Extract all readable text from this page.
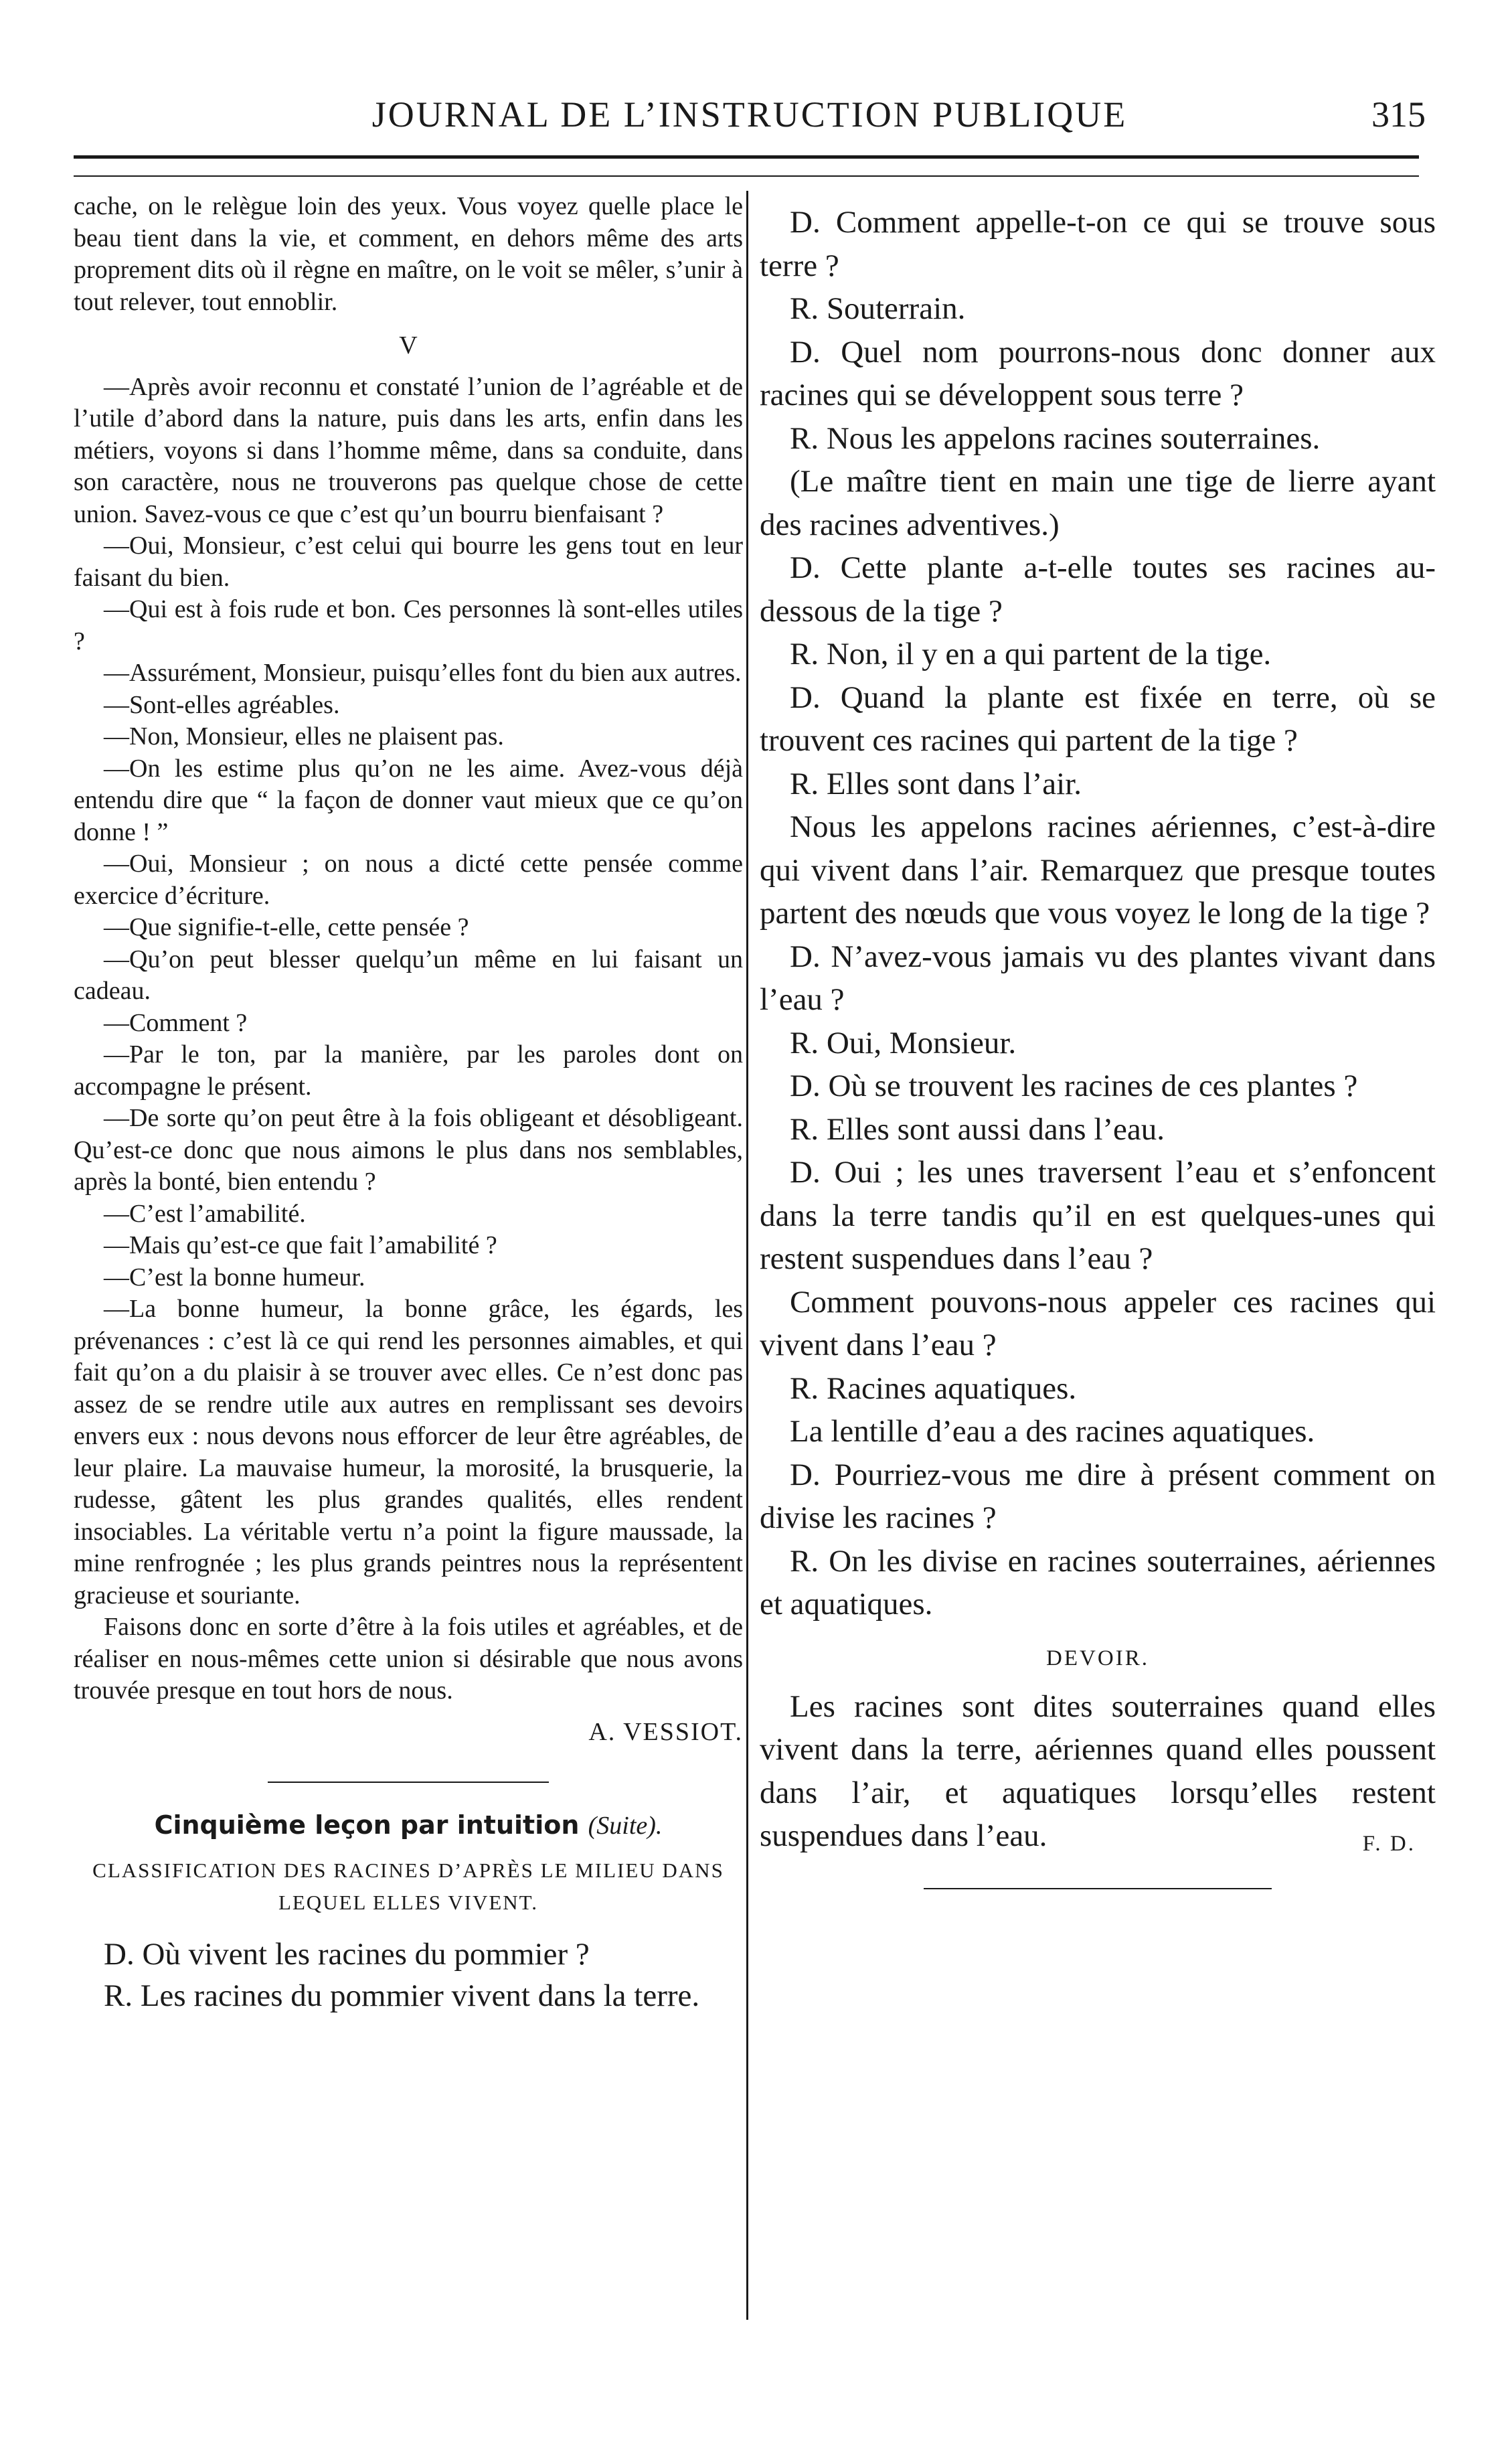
JOURNAL DE L’INSTRUCTION PUBLIQUE	315

cache, on le relègue loin des yeux. Vous voyez quelle place le beau tient dans la vie, et comment, en dehors même des arts proprement dits où il règne en maître, on le voit se mêler, s’unir à tout relever, tout ennoblir.

V

—Après avoir reconnu et constaté l’union de l’agréable et de l’utile d’abord dans la nature, puis dans les arts, enfin dans les métiers, voyons si dans l’homme même, dans sa conduite, dans son caractère, nous ne trouverons pas quelque chose de cette union. Savez-vous ce que c’est qu’un bourru bienfaisant ?

—Oui, Monsieur, c’est celui qui bourre les gens tout en leur faisant du bien.

—Qui est à fois rude et bon. Ces personnes là sont-elles utiles ?

—Assurément, Monsieur, puisqu’elles font du bien aux autres.

—Sont-elles agréables.

—Non, Monsieur, elles ne plaisent pas.

—On les estime plus qu’on ne les aime. Avez-vous déjà entendu dire que “ la façon de donner vaut mieux que ce qu’on donne ! ”

—Oui, Monsieur ; on nous a dicté cette pensée comme exercice d’écriture.

—Que signifie-t-elle, cette pensée ?

—Qu’on peut blesser quelqu’un même en lui faisant un cadeau.

—Comment ?

—Par le ton, par la manière, par les paroles dont on accompagne le présent.

—De sorte qu’on peut être à la fois obligeant et désobligeant. Qu’est-ce donc que nous aimons le plus dans nos semblables, après la bonté, bien entendu ?

—C’est l’amabilité.

—Mais qu’est-ce que fait l’amabilité ?

—C’est la bonne humeur.

—La bonne humeur, la bonne grâce, les égards, les prévenances : c’est là ce qui rend les personnes aimables, et qui fait qu’on a du plaisir à se trouver avec elles. Ce n’est donc pas assez de se rendre utile aux autres en remplissant ses devoirs envers eux : nous devons nous efforcer de leur être agréables, de leur plaire. La mauvaise humeur, la morosité, la brusquerie, la rudesse, gâtent les plus grandes qualités, elles rendent insociables. La véritable vertu n’a point la figure maussade, la mine renfrognée ; les plus grands peintres nous la représentent gracieuse et souriante.

Faisons donc en sorte d’être à la fois utiles et agréables, et de réaliser en nous-mêmes cette union si désirable que nous avons trouvée presque en tout hors de nous.

A. VESSIOT.

Cinquième leçon par intuition (Suite).

CLASSIFICATION DES RACINES D’APRÈS LE MILIEU DANS LEQUEL ELLES VIVENT.

D. Où vivent les racines du pommier ?

R. Les racines du pommier vivent dans la terre.

D. Comment appelle-t-on ce qui se trouve sous terre ?

R. Souterrain.

D. Quel nom pourrons-nous donc donner aux racines qui se développent sous terre ?

R. Nous les appelons racines souterraines.

(Le maître tient en main une tige de lierre ayant des racines adventives.)

D. Cette plante a-t-elle toutes ses racines au-dessous de la tige ?

R. Non, il y en a qui partent de la tige.

D. Quand la plante est fixée en terre, où se trouvent ces racines qui partent de la tige ?

R. Elles sont dans l’air.

Nous les appelons racines aériennes, c’est-à-dire qui vivent dans l’air. Remarquez que presque toutes partent des nœuds que vous voyez le long de la tige ?

D. N’avez-vous jamais vu des plantes vivant dans l’eau ?

R. Oui, Monsieur.

D. Où se trouvent les racines de ces plantes ?

R. Elles sont aussi dans l’eau.

D. Oui ; les unes traversent l’eau et s’enfoncent dans la terre tandis qu’il en est quelques-unes qui restent suspendues dans l’eau ?

Comment pouvons-nous appeler ces racines qui vivent dans l’eau ?

R. Racines aquatiques.

La lentille d’eau a des racines aquatiques.

D. Pourriez-vous me dire à présent comment on divise les racines ?

R. On les divise en racines souterraines, aériennes et aquatiques.

DEVOIR.

Les racines sont dites souterraines quand elles vivent dans la terre, aériennes quand elles poussent dans l’air, et aquatiques lorsqu’elles restent suspendues dans l’eau.	F. D.
